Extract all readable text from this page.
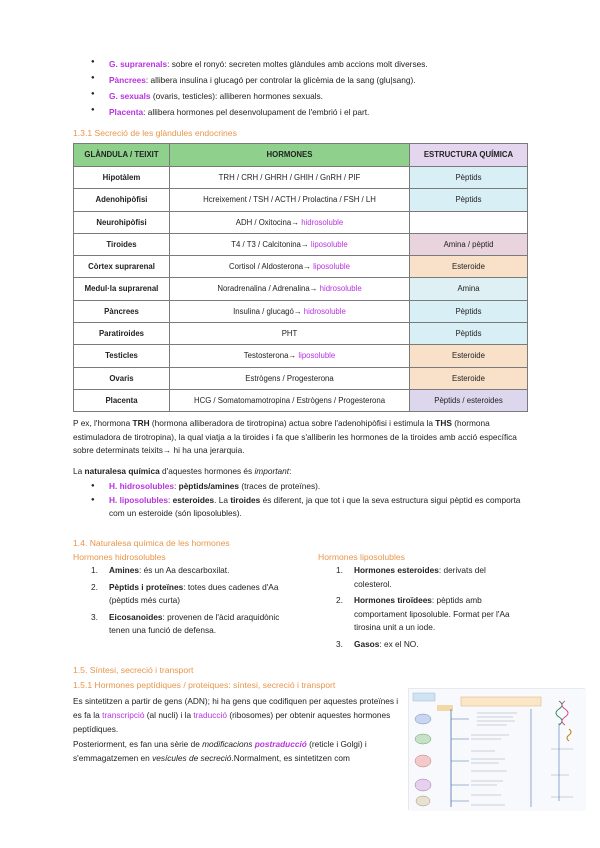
● G. suprarenals: sobre el ronyó: secreten moltes glàndules amb accions molt diverses.
● Pàncrees: allibera insulina i glucagó per controlar la glicèmia de la sang (glu|sang).
● G. sexuals (ovaris, testicles): alliberen hormones sexuals.
● Placenta: allibera hormones pel desenvolupament de l'embrió i el part.
1.3.1 Secreció de les glàndules endocrines
GLÀNDULA / TEIXIT	HORMONES	ESTRUCTURA QUÍMICA
Hipotàlem	TRH / CRH / GHRH / GHIH / GnRH / PIF	Pèptids
Adenohipòfisi	Hcreixement / TSH / ACTH / Prolactina / FSH / LH	Pèptids
Neurohipòfisi	ADH / Oxitocina→ hidrosoluble	
Tiroides	T4 / T3 / Calcitonina→ liposoluble	Amina / pèptid
Còrtex suprarenal	Cortisol / Aldosterona→ liposoluble	Esteroide
Medul·la suprarenal	Noradrenalina / Adrenalina→ hidrosoluble	Amina
Pàncrees	Insulina / glucagó→ hidrosoluble	Pèptids
Paratiroides	PHT	Pèptids
Testicles	Testosterona→ liposoluble	Esteroide
Ovaris	Estrògens / Progesterona	Esteroide
Placenta	HCG / Somatomamotropina / Estrògens / Progesterona	Pèptids / esteroides

P ex, l'hormona TRH (hormona alliberadora de tirotropina) actua sobre l'adenohipòfisi i estimula la THS (hormona estimuladora de tirotropina), la qual viatja a la tiroides i fa que s'alliberin les hormones de la tiroides amb acció específica sobre determinats teixits→ hi ha una jerarquia.

La naturalesa química d'aquestes hormones és important:

● H. hidrosolubles: pèptids/amines (traces de proteïnes).
● H. liposolubles: esteroides. La tiroides és diferent, ja que tot i que la seva estructura sigui pèptid es comporta com un esteroide (són liposolubles).
1.4. Naturalesa química de les hormones
Hormones hidrosolubles
1. Amines: és un Aa descarboxilat.
2. Pèptids i proteïnes: totes dues cadenes d'Aa (pèptids més curta)
3. Eicosanoides: provenen de l'àcid araquidònic tenen una funció de defensa.
Hormones liposolubles
1. Hormones esteroides: derivats del colesterol.
2. Hormones tiroïdees: pèptids amb comportament liposoluble. Format per l'Aa tirosina unit a un iode.
3. Gasos: ex el NO.
1.5. Síntesi, secreció i transport
1.5.1 Hormones peptídiques / proteiques: síntesi, secreció i transport

Es sintetitzen a partir de gens (ADN); hi ha gens que codifiquen per aquestes proteïnes i es fa la transcripció (al nucli) i la traducció (ribosomes) per obtenir aquestes hormones peptídiques.

Posteriorment, es fan una sèrie de modificacions postraducció (reticle i Golgi) i s'emmagatzemen en vesícules de secreció.Normalment, es sintetitzen com
